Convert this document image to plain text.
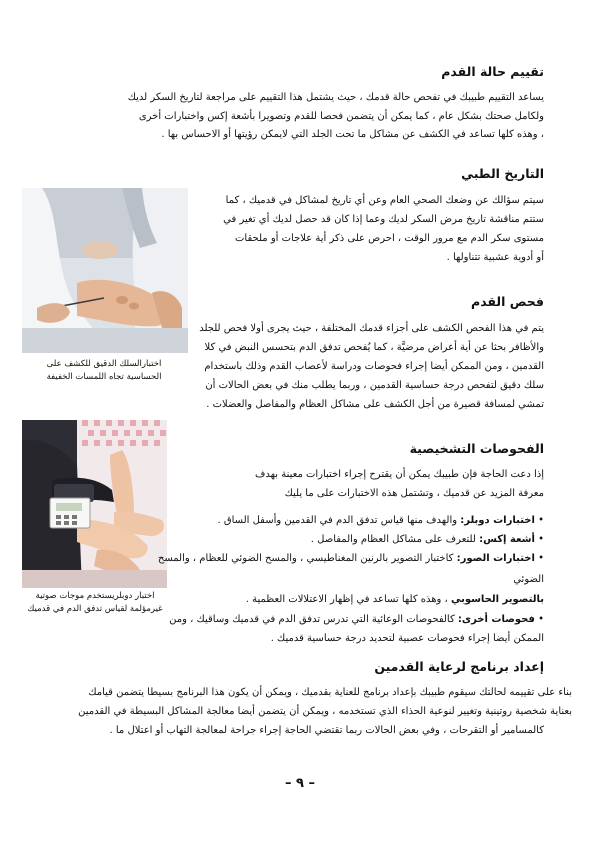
تقييم حالة القدم

يساعد التقييم طبيبك في تفحص حالة قدمك ، حيث يشتمل هذا التقييم على مراجعة لتاريخ السكر لديك

ولكامل صحتك بشكل عام ، كما يمكن أن يتضمن فحصا للقدم وتصويرا بأشعة إكس واختبارات أخرى

، وهذه كلها تساعد في الكشف عن مشاكل ما تحت الجلد التي لايمكن رؤيتها أو الاحساس بها .

التاريخ الطبي

سيتم سؤالك عن وضعك الصحي العام وعن أي تاريخ لمشاكل في قدميك ، كما

ستتم مناقشة تاريخ مرض السكر لديك وعما إذا كان قد حصل لديك أي تغير في

مستوى سكر الدم مع مرور الوقت ، احرص على ذكر أية علاجات أو ملحقات

أو أدوية عشبية تتناولها .

اختبارالسلك الدقيق للكشف على

الحساسية تجاه اللمسات الخفيفة

فحص القدم

يتم في هذا الفحص الكشف على أجزاء قدمك المختلفة ، حيث يجرى أولا فحص للجلد

والأظافر بحثا عن أية أعراض مرضيَّة ، كما يُفحص تدفق الدم بتحسس النبض في كلا

القدمين ، ومن الممكن أيضا إجراء فحوصات ودراسة لأعصاب القدم وذلك باستخدام

سلك دقيق لتفحص درجة حساسية القدمين ، وربما يطلب منك في بعض الحالات أن

تمشي لمسافة قصيرة من أجل الكشف على مشاكل العظام والمفاصل والعضلات .

اختبار دوبلريستخدم موجات صوتية

غيرمؤلمة لقياس تدفق الدم في قدميك

الفحوصات التشخيصية

إذا دعت الحاجة فإن طبيبك يمكن أن يقترح إجراء اختبارات معينة بهدف

معرفة المزيد عن قدميك ، وتشتمل هذه الاختبارات على ما يليك

• اختبارات دوبلر: والهدف منها قياس تدفق الدم في القدمين وأسفل الساق .

• أشعة إكس: للتعرف على مشاكل العظام والمفاصل .

• اختبارات الصور: كاختبار التصوير بالرنين المغناطيسي ، والمسح الضوئي للعظام ، والمسح

الضوئي

بالتصوير الحاسوبي ، وهذه كلها تساعد في إظهار الاعتلالات العظمية .

• فحوصات أخرى: كالفحوصات الوعائية التي تدرس تدفق الدم في قدميك وساقيك ، ومن

الممكن أيضا إجراء فحوصات عصبية لتحديد درجة حساسية قدميك .

إعداد برنامج لرعاية القدمين

بناء على تقييمه لحالتك سيقوم طبيبك بإعداد برنامج للعناية بقدميك ، ويمكن أن يكون هذا البرنامج بسيطا يتضمن قيامك

بعناية شخصية روتينية وتغيير لنوعية الحذاء الذي تستخدمه ، ويمكن أن يتضمن أيضا معالجة المشاكل البسيطة في القدمين

كالمسامير أو التقرحات ، وفي بعض الحالات ربما تقتضي الحاجة إجراء جراحة لمعالجة التهاب أو اعتلال ما .

– ٩ –
